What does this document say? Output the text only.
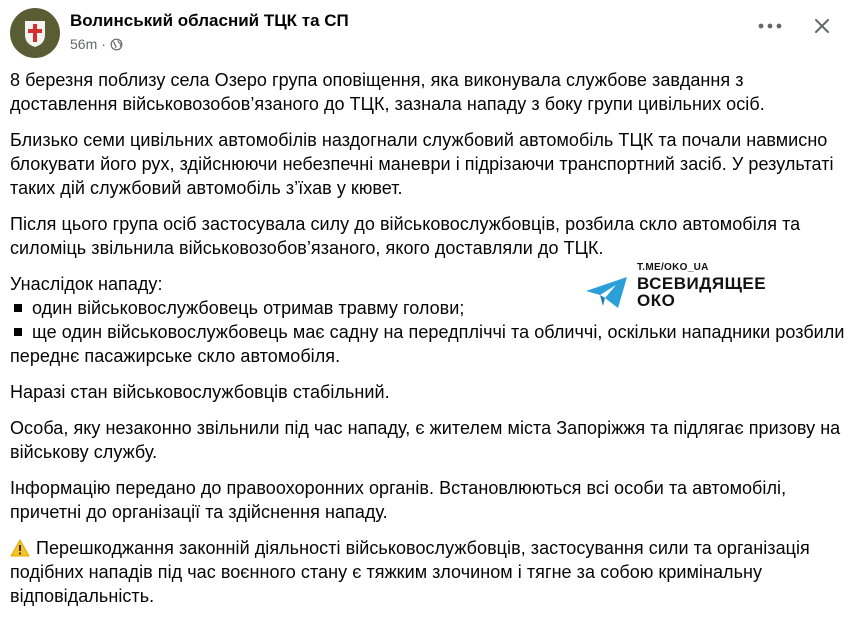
Волинський обласний ТЦК та СП
56m ·

8 березня поблизу села Озеро група оповіщення, яка виконувала службове завдання з доставлення військовозобов’язаного до ТЦК, зазнала нападу з боку групи цивільних осіб.

Близько семи цивільних автомобілів наздогнали службовий автомобіль ТЦК та почали навмисно блокувати його рух, здійснюючи небезпечні маневри і підрізаючи транспортний засіб. У результаті таких дій службовий автомобіль з’їхав у кювет.

Після цього група осіб застосувала силу до військовослужбовців, розбила скло автомобіля та силоміць звільнила військовозобов’язаного, якого доставляли до ТЦК.

Унаслідок нападу:

один військовослужбовець отримав травму голови;
ще один військовослужбовець має садну на передпліччі та обличчі, оскільки нападники розбили переднє пасажирське скло автомобіля.

Наразі стан військовослужбовців стабільний.

Особа, яку незаконно звільнили під час нападу, є жителем міста Запоріжжя та підлягає призову на військову службу.

Інформацію передано до правоохоронних органів. Встановлюються всі особи та автомобілі, причетні до організації та здійснення нападу.

Перешкоджання законній діяльності військовослужбовців, застосування сили та організація подібних нападів під час воєнного стану є тяжким злочином і тягне за собою кримінальну відповідальність.

T.ME/OKO_UA
ВСЕВИДЯЩЕЕ
ОКО
